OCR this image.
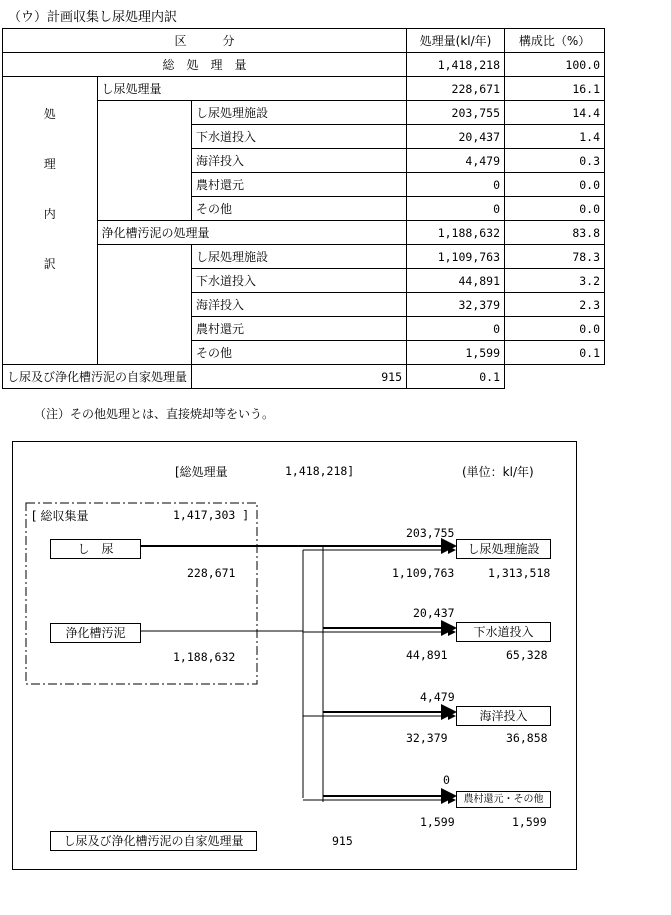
（ウ）計画収集し尿処理内訳
区　　　分			処理量(kl/年)	構成比（%）
総　処　理　量			1,418,218	100.0

処
理
内
訳	し尿処理量		228,671	16.1
		し尿処理施設	203,755	14.4
		下水道投入	20,437	1.4
		海洋投入	4,479	0.3
		農村還元	0	0.0
		その他	0	0.0
	浄化槽汚泥の処理量		1,188,632	83.8
		し尿処理施設	1,109,763	78.3
		下水道投入	44,891	3.2
		海洋投入	32,379	2.3
		農村還元	0	0.0
		その他	1,599	0.1
し尿及び浄化槽汚泥の自家処理量		915	0.1	
（注）その他処理とは、直接焼却等をいう。
[総処理量	1,418,218]	(単位：kl/年)
[ 総収集量	1,417,303 ]
し　尿
228,671
浄化槽汚泥
1,188,632
203,755
し尿処理施設
1,109,763	1,313,518
20,437
下水道投入
44,891	65,328
4,479
海洋投入
32,379	36,858
0
農村還元・その他
1,599	1,599
し尿及び浄化槽汚泥の自家処理量	915
